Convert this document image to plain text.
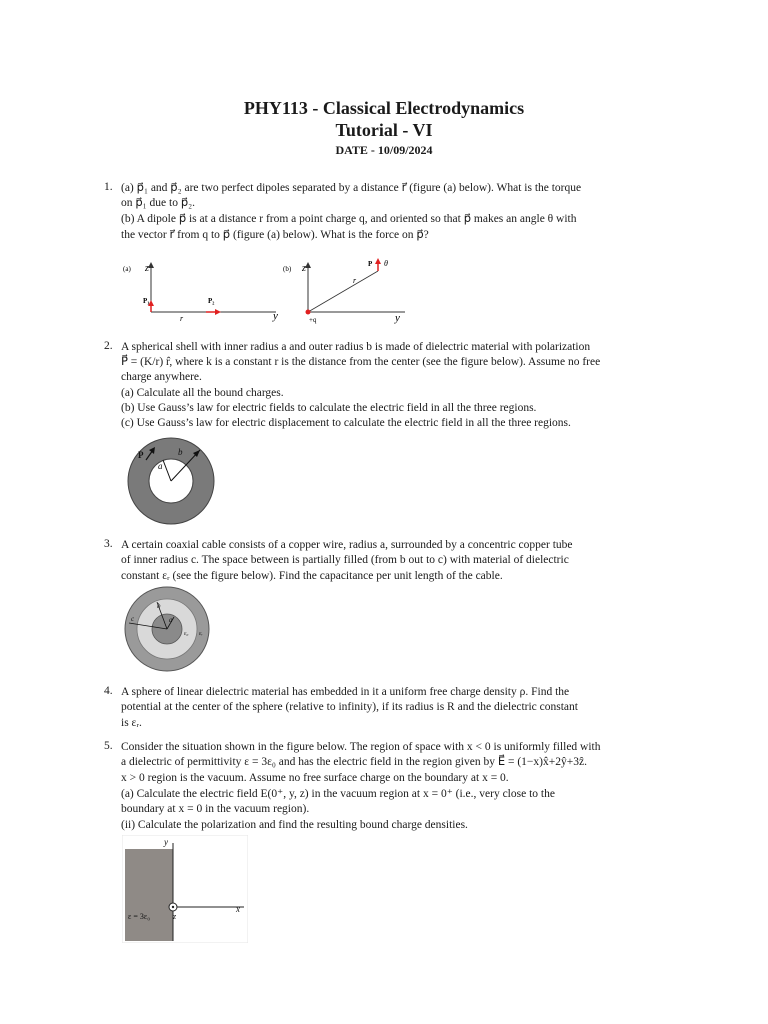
PHY113 - Classical Electrodynamics
Tutorial - VI
DATE - 10/09/2024
1. (a) p⃗₁ and p⃗₂ are two perfect dipoles separated by a distance r⃗ (figure (a) below). What is the torque
on p⃗₁ due to p⃗₂.
(b) A dipole p⃗ is at a distance r from a point charge q, and oriented so that p⃗ makes an angle θ with
the vector r⃗ from q to p⃗ (figure (a) below). What is the force on p⃗?
(a) z
y
P₁	P₂
r
(b) z
y
r
+q
P θ
2. A spherical shell with inner radius a and outer radius b is made of dielectric material with polarization
P⃗ = (K/r) r̂, where k is a constant r is the distance from the center (see the figure below). Assume no free
charge anywhere.
(a) Calculate all the bound charges.
(b) Use Gauss’s law for electric fields to calculate the electric field in all the three regions.
(c) Use Gauss’s law for electric displacement to calculate the electric field in all the three regions.
P
a
b
3. A certain coaxial cable consists of a copper wire, radius a, surrounded by a concentric copper tube
of inner radius c. The space between is partially filled (from b out to c) with material of dielectric
constant εᵣ (see the figure below). Find the capacitance per unit length of the cable.
a
b
c
ε₀ εᵣ
4. A sphere of linear dielectric material has embedded in it a uniform free charge density ρ. Find the
potential at the center of the sphere (relative to infinity), if its radius is R and the dielectric constant
is εᵣ.
5. Consider the situation shown in the figure below. The region of space with x < 0 is uniformly filled with
a dielectric of permittivity ε = 3ε₀ and has the electric field in the region given by E⃗ = (1−x)x̂+2ŷ+3ẑ.
x > 0 region is the vacuum. Assume no free surface charge on the boundary at x = 0.
(a) Calculate the electric field E(0⁺, y, z) in the vacuum region at x = 0⁺ (i.e., very close to the
boundary at x = 0 in the vacuum region).
(ii) Calculate the polarization and find the resulting bound charge densities.
y
x
z
ε = 3ε₀
